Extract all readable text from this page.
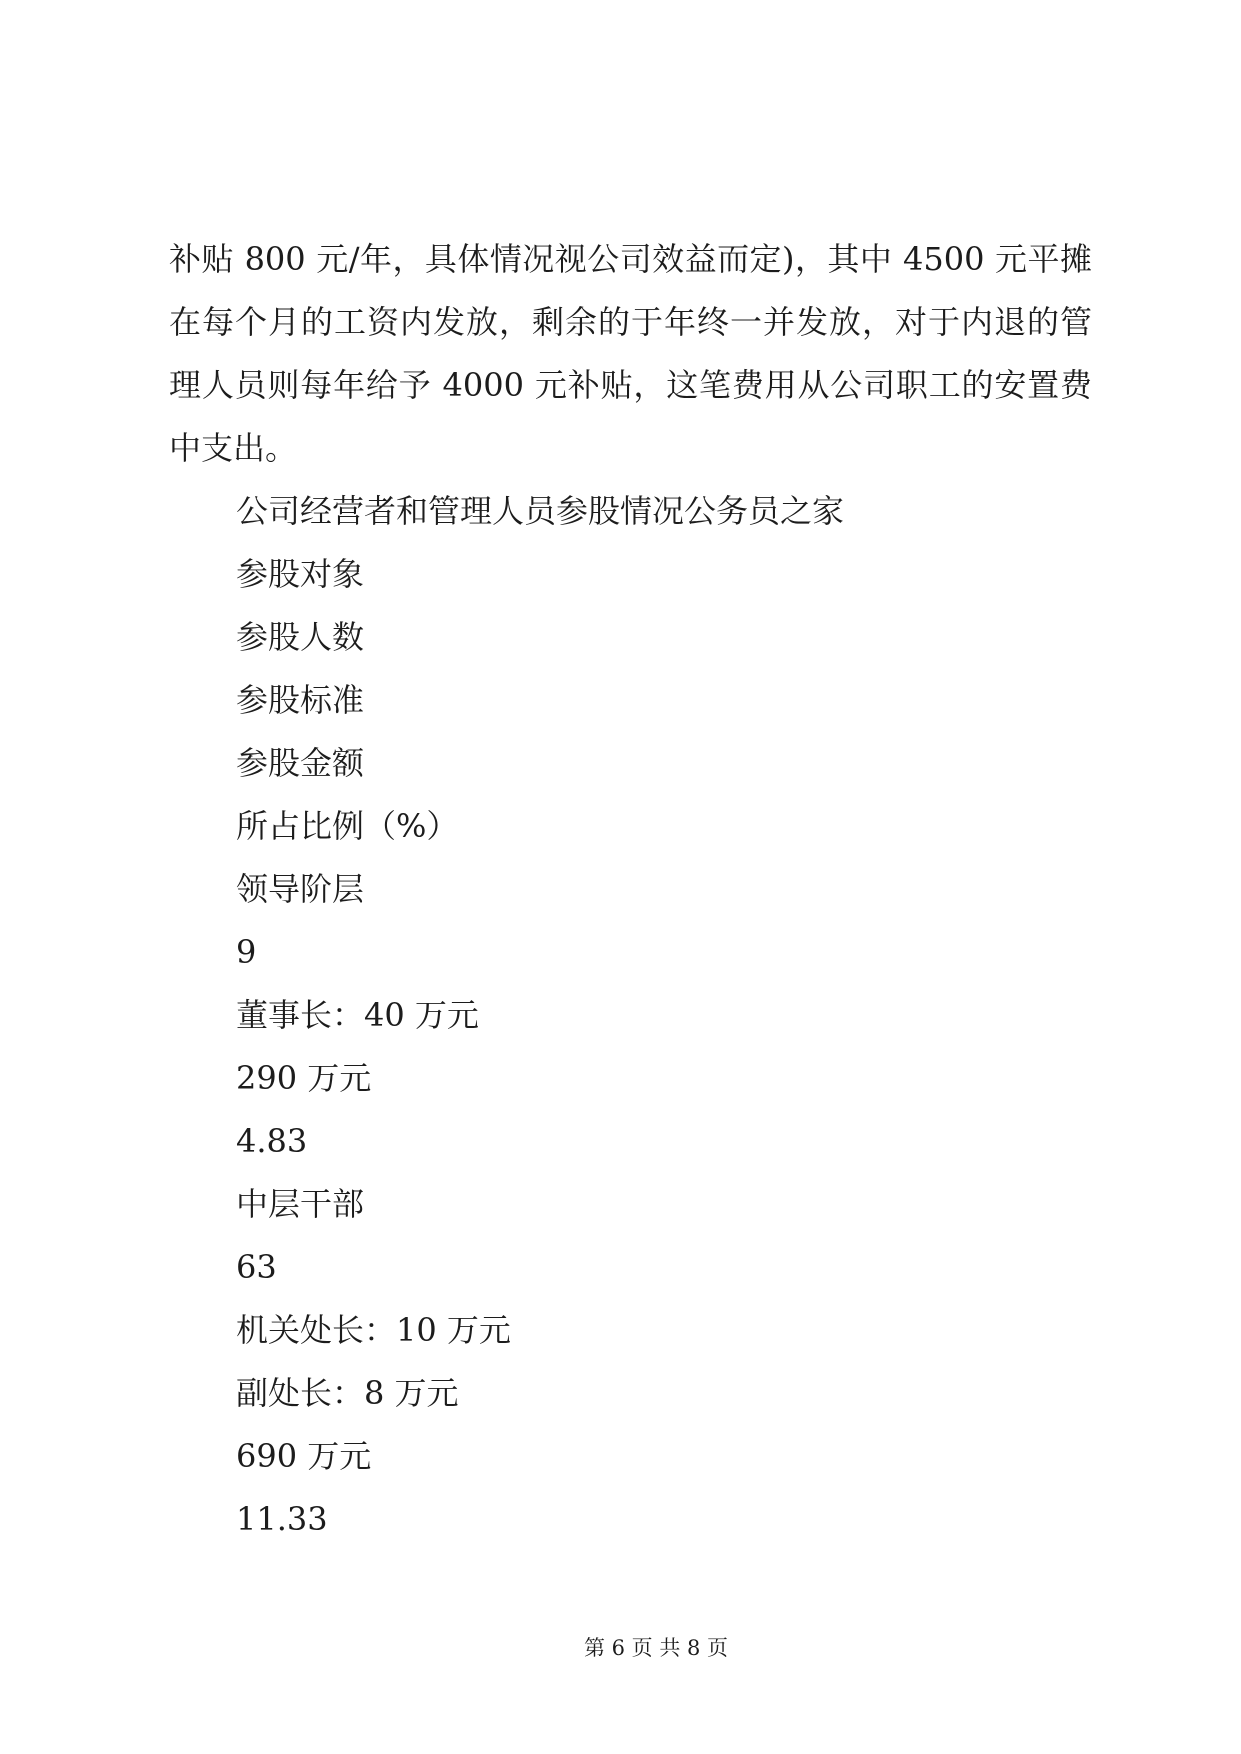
补贴 800 元/年，具体情况视公司效益而定)，其中 4500 元平摊
在每个月的工资内发放，剩余的于年终一并发放，对于内退的管
理人员则每年给予 4000 元补贴，这笔费用从公司职工的安置费
中支出。
公司经营者和管理人员参股情况公务员之家
参股对象
参股人数
参股标准
参股金额
所占比例（%）
领导阶层
9
董事长：40 万元
290 万元
4.83
中层干部
63
机关处长：10 万元
副处长：8 万元
690 万元
11.33
第 6 页 共 8 页
